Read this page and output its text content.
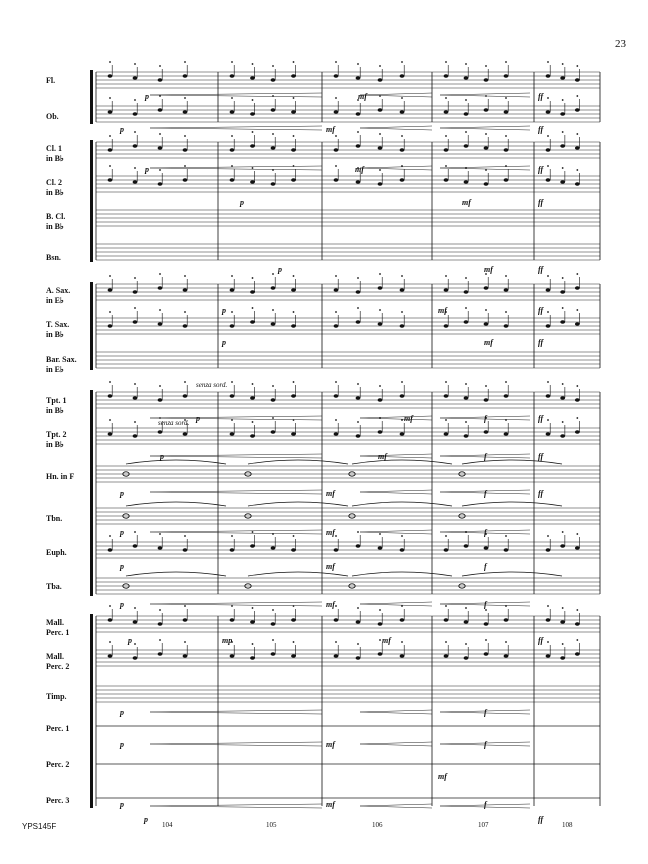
23
Fl.
Ob.
Cl. 1
in B♭
Cl. 2
in B♭
B. Cl.
in B♭
Bsn.
A. Sax.
in E♭
T. Sax.
in B♭
Bar. Sax.
in E♭
Tpt. 1
in B♭
Tpt. 2
in B♭
Hn. in F
Tbn.
Euph.
Tba.
Mall.
Perc. 1
Mall.
Perc. 2
Timp.
Perc. 1
Perc. 2
Perc. 3
senza sord.
senza sord.
p	mf	ff
p	mf	ff
p	mf	ff
p	mf	ff
p	mf	ff
p	mf	ff
p	mf	ff
p	mf	f	ff
p	mf	f	ff
p	mf	f	ff
p	mf	f
p	mf	f
p	mf	f
p	mp	mf	ff
p	f
p	mf	f
mf
p	mf	f
p	ff
104	105	106	107	108
YPS145F
